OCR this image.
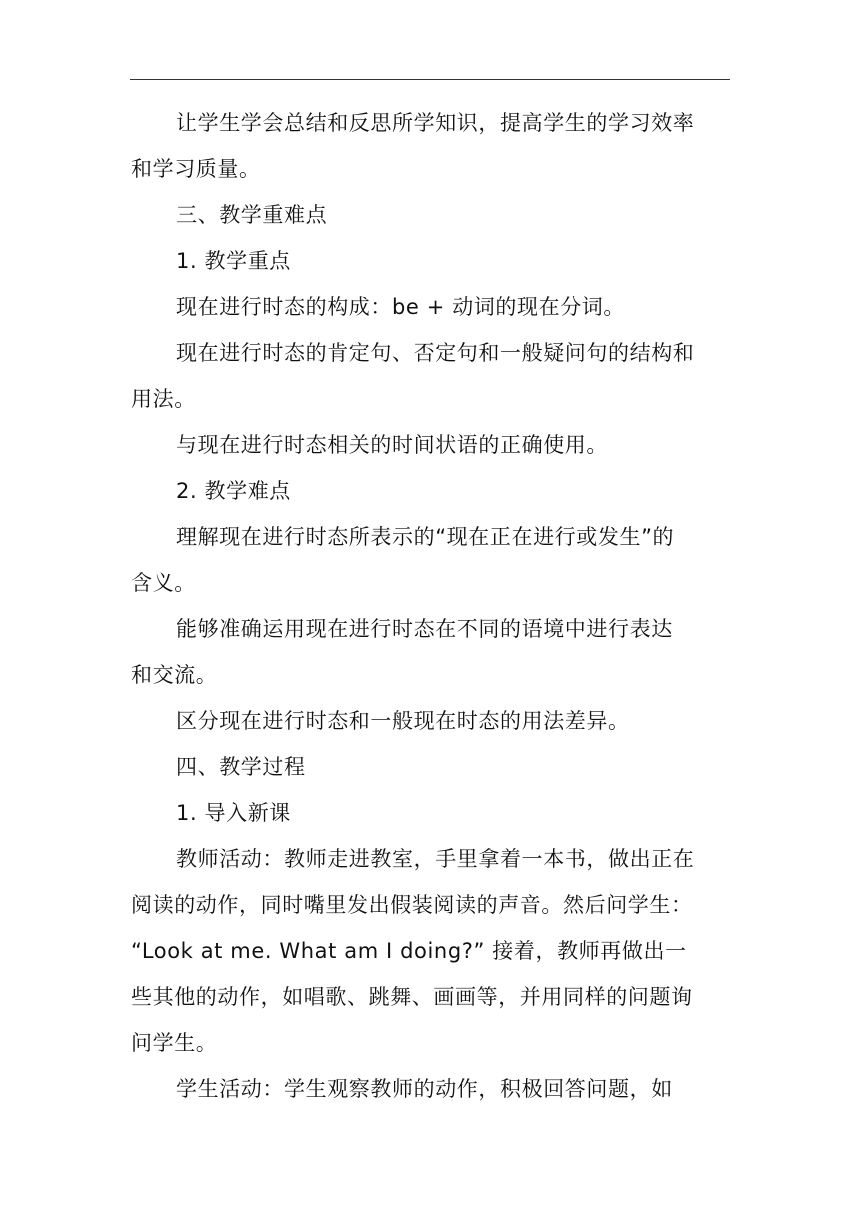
让学生学会总结和反思所学知识，提高学生的学习效率
和学习质量。
三、教学重难点
1. 教学重点
现在进行时态的构成：be + 动词的现在分词。
现在进行时态的肯定句、否定句和一般疑问句的结构和
用法。
与现在进行时态相关的时间状语的正确使用。
2. 教学难点
理解现在进行时态所表示的“现在正在进行或发生”的
含义。
能够准确运用现在进行时态在不同的语境中进行表达
和交流。
区分现在进行时态和一般现在时态的用法差异。
四、教学过程
1. 导入新课
教师活动：教师走进教室，手里拿着一本书，做出正在
阅读的动作，同时嘴里发出假装阅读的声音。然后问学生：
“Look at me. What am I doing?” 接着，教师再做出一
些其他的动作，如唱歌、跳舞、画画等，并用同样的问题询
问学生。
学生活动：学生观察教师的动作，积极回答问题，如
